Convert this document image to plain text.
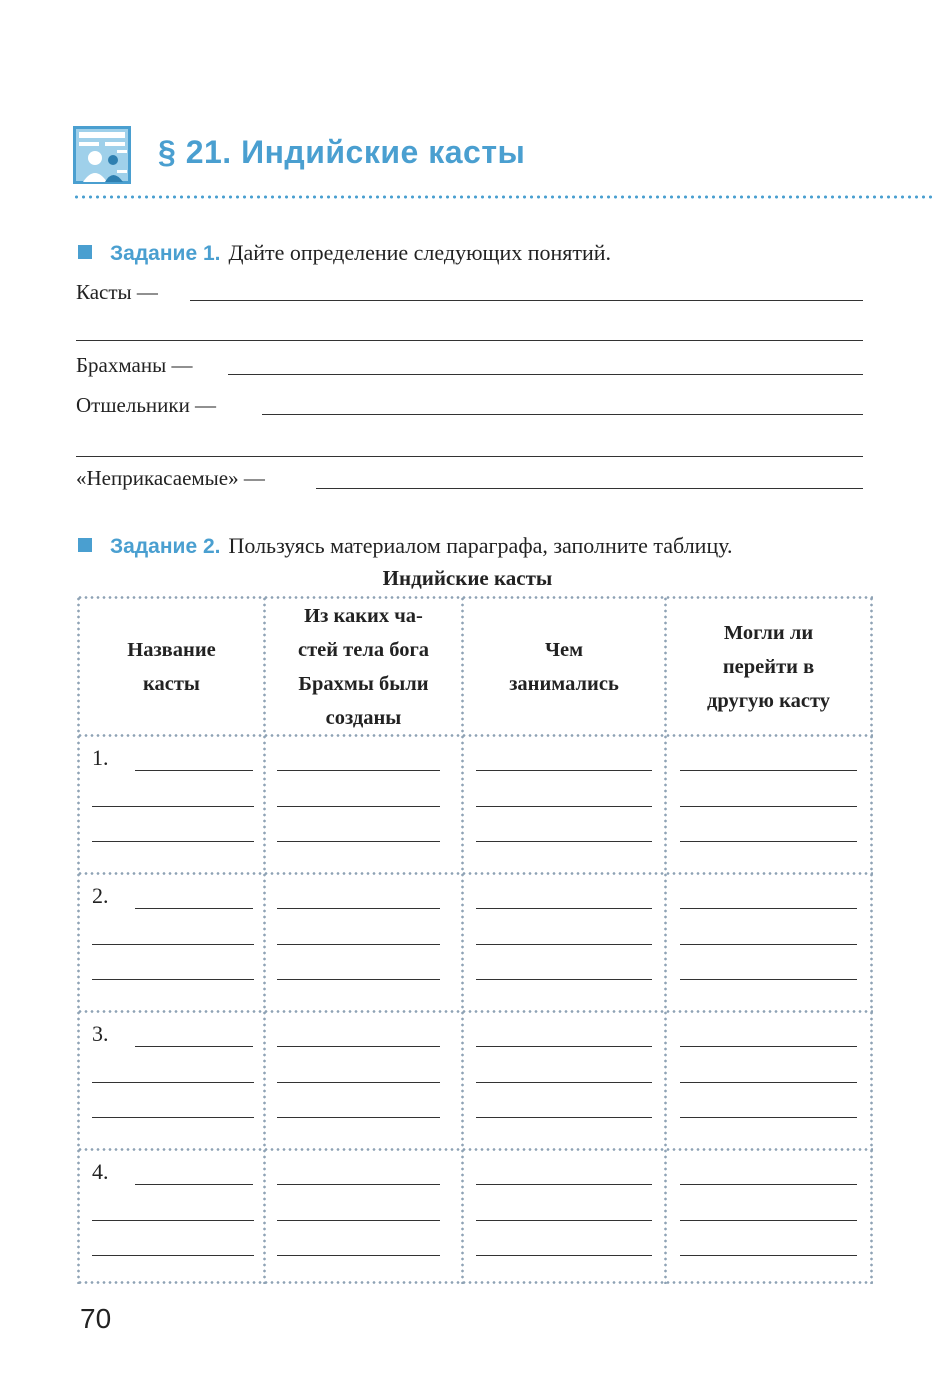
§ 21. Индийские касты
Задание 1. Дайте определение следующих понятий.
Касты —
Брахманы —
Отшельники —
«Неприкасаемые» —
Задание 2. Пользуясь материалом параграфа, заполните таблицу.
Индийские касты
Название
касты
Из каких ча-
стей тела бога
Брахмы были
созданы
Чем
занимались
Могли ли
перейти в
другую касту
1.
2.
3.
4.
70
